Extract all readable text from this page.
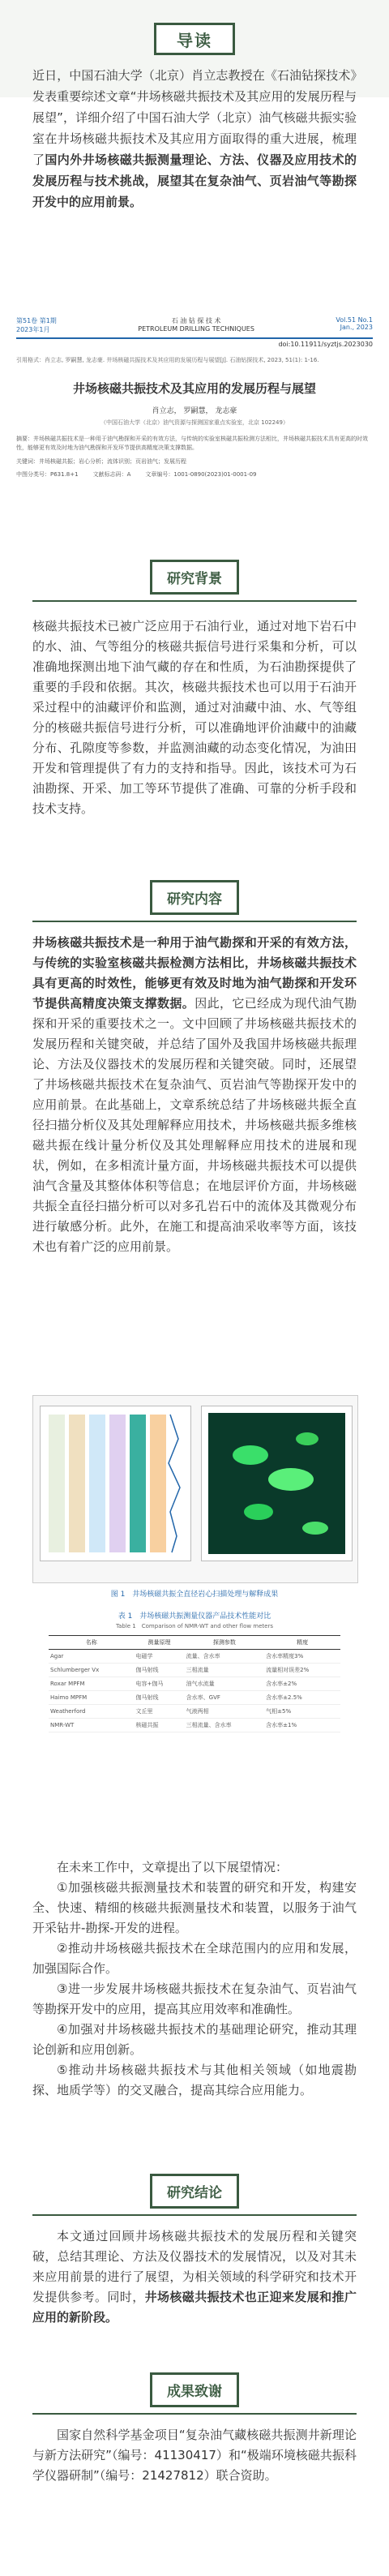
导读
近日，中国石油大学（北京）肖立志教授在《石油钻探技术》发表重要综述文章“井场核磁共振技术及其应用的发展历程与展望”，详细介绍了中国石油大学（北京）油气核磁共振实验室在井场核磁共振技术及其应用方面取得的重大进展，梳理了国内外井场核磁共振测量理论、方法、仪器及应用技术的发展历程与技术挑战，展望其在复杂油气、页岩油气等勘探开发中的应用前景。
第51卷 第1期
2023年1月
石 油 钻 探 技 术
PETROLEUM DRILLING TECHNIQUES
Vol.51 No.1
Jan., 2023
doi:10.11911/syztjs.2023030
引用格式：肖立志, 罗嗣慧, 龙志豪. 井场核磁共振技术及其应用的发展历程与展望[J]. 石油钻探技术, 2023, 51(1): 1-16.
井场核磁共振技术及其应用的发展历程与展望
肖立志， 罗嗣慧， 龙志豪
（中国石油大学（北京）油气资源与探测国家重点实验室，北京 102249）
摘要：井场核磁共振技术是一种用于油气勘探和开采的有效方法，与传统的实验室核磁共振检测方法相比，井场核磁共振技术具有更高的时效性，能够更有效及时地为油气勘探和开发环节提供高精度决策支撑数据。
关键词：井场核磁共振；岩心分析；流体识别；页岩油气；发展历程
中图分类号：P631.8+1	文献标志码：A	文章编号：1001-0890(2023)01-0001-09
研究背景
核磁共振技术已被广泛应用于石油行业，通过对地下岩石中的水、油、气等组分的核磁共振信号进行采集和分析，可以准确地探测出地下油气藏的存在和性质，为石油勘探提供了重要的手段和依据。其次，核磁共振技术也可以用于石油开采过程中的油藏评价和监测，通过对油藏中油、水、气等组分的核磁共振信号进行分析，可以准确地评价油藏中的油藏分布、孔隙度等参数，并监测油藏的动态变化情况，为油田开发和管理提供了有力的支持和指导。因此，该技术可为石油勘探、开采、加工等环节提供了准确、可靠的分析手段和技术支持。
研究内容
井场核磁共振技术是一种用于油气勘探和开采的有效方法，与传统的实验室核磁共振检测方法相比，井场核磁共振技术具有更高的时效性，能够更有效及时地为油气勘探和开发环节提供高精度决策支撑数据。因此，它已经成为现代油气勘探和开采的重要技术之一。文中回顾了井场核磁共振技术的发展历程和关键突破，并总结了国外及我国井场核磁共振理论、方法及仪器技术的发展历程和关键突破。同时，还展望了井场核磁共振技术在复杂油气、页岩油气等勘探开发中的应用前景。在此基础上，文章系统总结了井场核磁共振全直径扫描分析仪及其处理解释应用技术，井场核磁共振多维核磁共振在线计量分析仪及其处理解释应用技术的进展和现状，例如，在多相流计量方面，井场核磁共振技术可以提供油气含量及其整体体积等信息；在地层评价方面，井场核磁共振全直径扫描分析可以对多孔岩石中的流体及其微观分布进行敏感分析。此外，在施工和提高油采收率等方面，该技术也有着广泛的应用前景。
图 1　井场核磁共振全直径岩心扫描处理与解释成果
表 1　井场核磁共振测量仪器产品技术性能对比
Table 1　Comparison of NMR-WT and other flow meters
名称	测量原理	探测参数	精度
Agar	电磁学	流量、含水率	含水率精度3%
Schlumberger Vx	伽马射线	三相流量	流量相对误差2%
Roxar MPFM	电容+伽马	油气水流量	含水率±2%
Haimo MPFM	伽马射线	含水率、GVF	含水率±2.5%
Weatherford	文丘里	气液两相	气相±5%
NMR-WT	核磁共振	三相流量、含水率	含水率±1%
在未来工作中，文章提出了以下展望情况：
①加强核磁共振测量技术和装置的研究和开发，构建安全、快速、精细的核磁共振测量技术和装置，以服务于油气开采钻井-勘探-开发的进程。
②推动井场核磁共振技术在全球范围内的应用和发展，加强国际合作。
③进一步发展井场核磁共振技术在复杂油气、页岩油气等勘探开发中的应用，提高其应用效率和准确性。
④加强对井场核磁共振技术的基础理论研究，推动其理论创新和应用创新。
⑤推动井场核磁共振技术与其他相关领域（如地震勘探、地质学等）的交叉融合，提高其综合应用能力。
研究结论
本文通过回顾井场核磁共振技术的发展历程和关键突破，总结其理论、方法及仪器技术的发展情况，以及对其未来应用前景的进行了展望，为相关领域的科学研究和技术开发提供参考。同时，井场核磁共振技术也正迎来发展和推广应用的新阶段。
成果致谢
国家自然科学基金项目“复杂油气藏核磁共振测井新理论与新方法研究”（编号：41130417）和“极端环境核磁共振科学仪器研制”（编号：21427812）联合资助。
